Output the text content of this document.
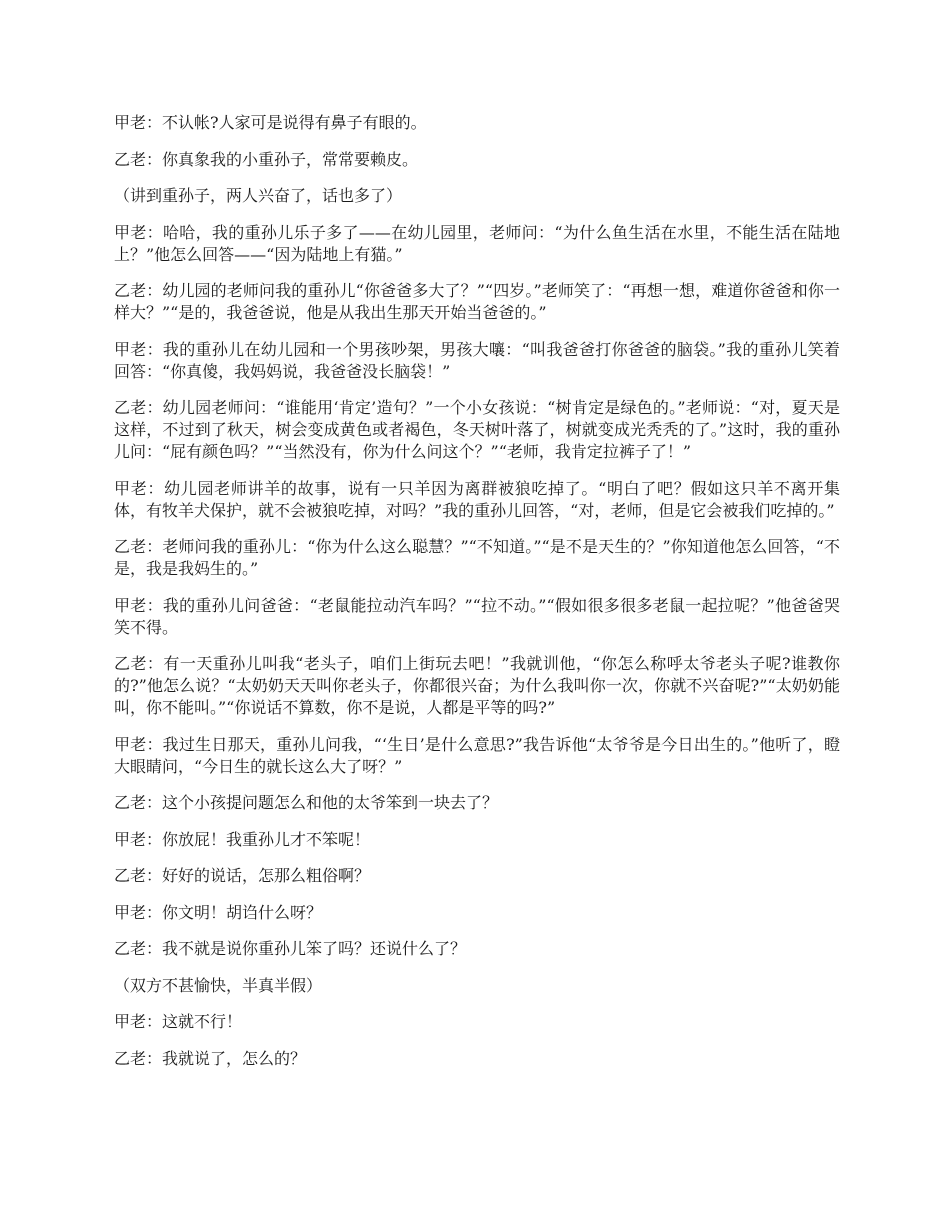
甲老：不认帐?人家可是说得有鼻子有眼的。

乙老：你真象我的小重孙子，常常要赖皮。

（讲到重孙子，两人兴奋了，话也多了）

甲老：哈哈，我的重孙儿乐子多了——在幼儿园里，老师问：“为什么鱼生活在水里，不能生活在陆地上？”他怎么回答——“因为陆地上有猫。”

乙老：幼儿园的老师问我的重孙儿“你爸爸多大了？”“四岁。”老师笑了：“再想一想，难道你爸爸和你一样大？”“是的，我爸爸说，他是从我出生那天开始当爸爸的。”

甲老：我的重孙儿在幼儿园和一个男孩吵架，男孩大嚷：“叫我爸爸打你爸爸的脑袋。”我的重孙儿笑着回答：“你真傻，我妈妈说，我爸爸没长脑袋！”

乙老：幼儿园老师问：“谁能用‘肯定’造句？”一个小女孩说：“树肯定是绿色的。”老师说：“对，夏天是这样，不过到了秋天，树会变成黄色或者褐色，冬天树叶落了，树就变成光秃秃的了。”这时，我的重孙儿问：“屁有颜色吗？”“当然没有，你为什么问这个？”“老师，我肯定拉裤子了！”

甲老：幼儿园老师讲羊的故事，说有一只羊因为离群被狼吃掉了。“明白了吧？假如这只羊不离开集体，有牧羊犬保护，就不会被狼吃掉，对吗？”我的重孙儿回答，“对，老师，但是它会被我们吃掉的。”

乙老：老师问我的重孙儿：“你为什么这么聪慧？”“不知道。”“是不是天生的？”你知道他怎么回答，“不是，我是我妈生的。”

甲老：我的重孙儿问爸爸：“老鼠能拉动汽车吗？”“拉不动。”“假如很多很多老鼠一起拉呢？”他爸爸哭笑不得。

乙老：有一天重孙儿叫我“老头子，咱们上街玩去吧！”我就训他，“你怎么称呼太爷老头子呢?谁教你的?”他怎么说？“太奶奶天天叫你老头子，你都很兴奋；为什么我叫你一次，你就不兴奋呢?”“太奶奶能叫，你不能叫。”“你说话不算数，你不是说，人都是平等的吗?”

甲老：我过生日那天，重孙儿问我，“‘生日’是什么意思?”我告诉他“太爷爷是今日出生的。”他听了，瞪大眼睛问，“今日生的就长这么大了呀？”

乙老：这个小孩提问题怎么和他的太爷笨到一块去了？

甲老：你放屁！我重孙儿才不笨呢！

乙老：好好的说话，怎那么粗俗啊？

甲老：你文明！胡诌什么呀？

乙老：我不就是说你重孙儿笨了吗？还说什么了？

（双方不甚愉快，半真半假）

甲老：这就不行！

乙老：我就说了，怎么的？
